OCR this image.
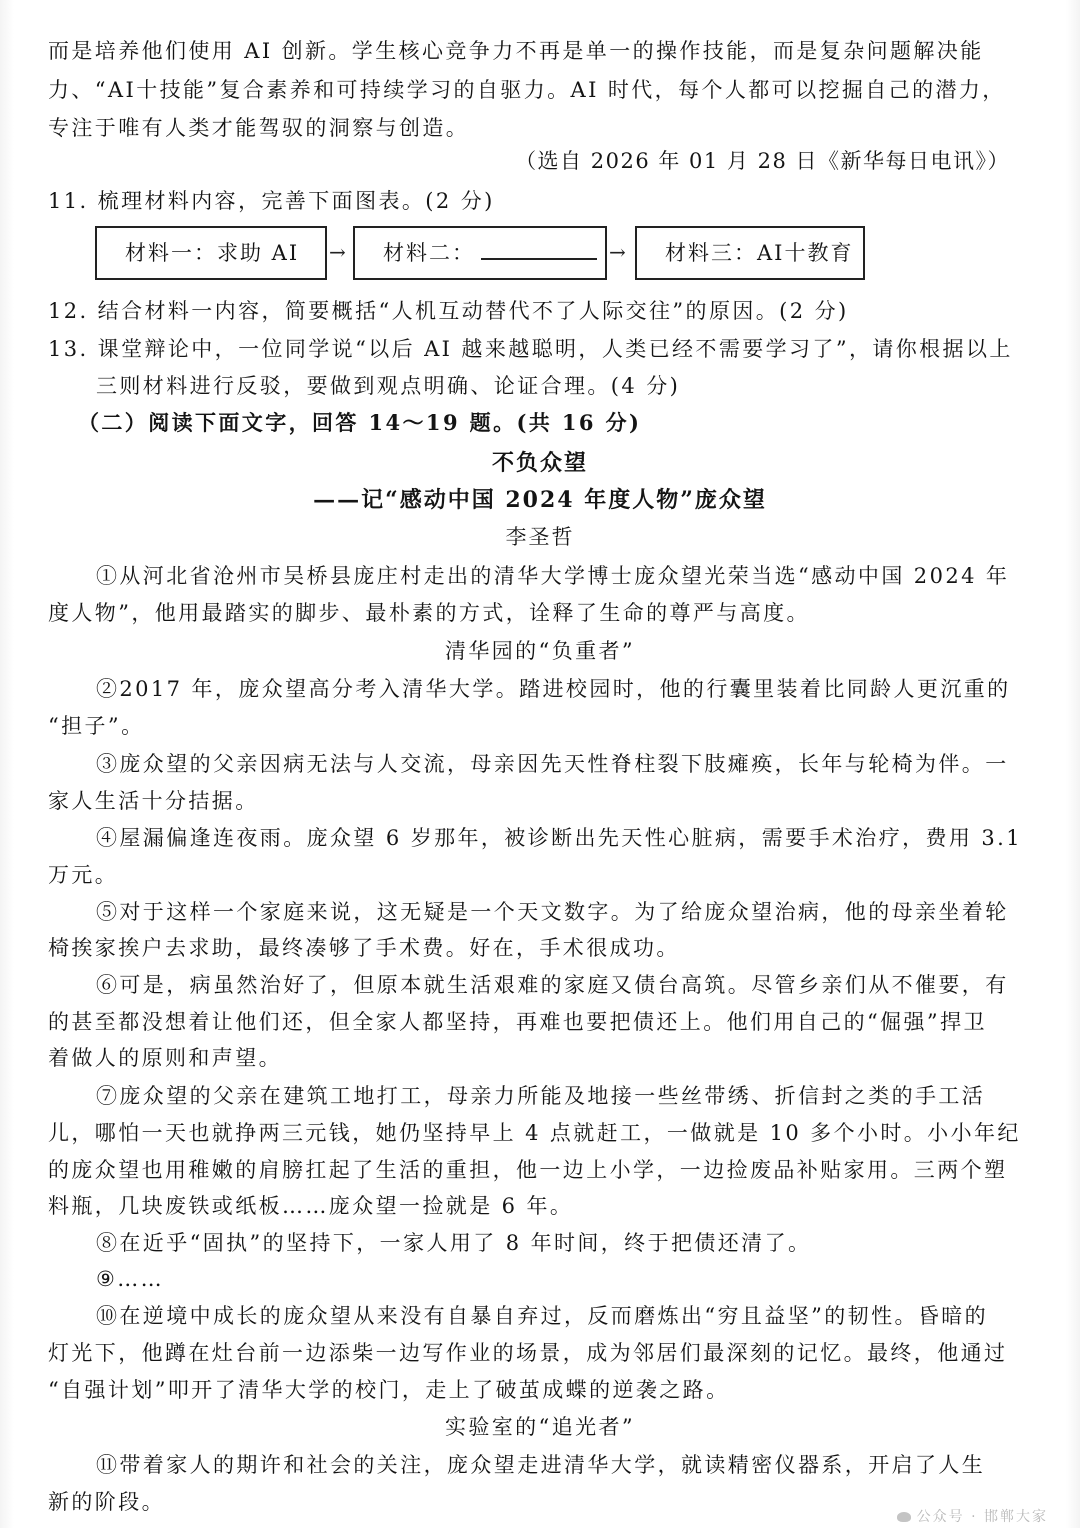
而是培养他们使用 AI 创新。学生核心竞争力不再是单一的操作技能，而是复杂问题解决能
力、“AI十技能”复合素养和可持续学习的自驱力。AI 时代，每个人都可以挖掘自己的潜力，
专注于唯有人类才能驾驭的洞察与创造。
（选自 2026 年 01 月 28 日《新华每日电讯》）
11. 梳理材料内容，完善下面图表。(2 分)
材料一：求助 AI	→	材料二：	→	材料三：AI十教育
12. 结合材料一内容，简要概括“人机互动替代不了人际交往”的原因。(2 分)
13. 课堂辩论中，一位同学说“以后 AI 越来越聪明，人类已经不需要学习了”，请你根据以上
三则材料进行反驳，要做到观点明确、论证合理。(4 分)
（二）阅读下面文字，回答 14～19 题。(共 16 分)
不负众望
——记“感动中国 2024 年度人物”庞众望
李圣哲
①从河北省沧州市吴桥县庞庄村走出的清华大学博士庞众望光荣当选“感动中国 2024 年
度人物”，他用最踏实的脚步、最朴素的方式，诠释了生命的尊严与高度。
清华园的“负重者”
②2017 年，庞众望高分考入清华大学。踏进校园时，他的行囊里装着比同龄人更沉重的
“担子”。
③庞众望的父亲因病无法与人交流，母亲因先天性脊柱裂下肢瘫痪，长年与轮椅为伴。一
家人生活十分拮据。
④屋漏偏逢连夜雨。庞众望 6 岁那年，被诊断出先天性心脏病，需要手术治疗，费用 3.1
万元。
⑤对于这样一个家庭来说，这无疑是一个天文数字。为了给庞众望治病，他的母亲坐着轮
椅挨家挨户去求助，最终凑够了手术费。好在，手术很成功。
⑥可是，病虽然治好了，但原本就生活艰难的家庭又债台高筑。尽管乡亲们从不催要，有
的甚至都没想着让他们还，但全家人都坚持，再难也要把债还上。他们用自己的“倔强”捍卫
着做人的原则和声望。
⑦庞众望的父亲在建筑工地打工，母亲力所能及地接一些丝带绣、折信封之类的手工活
儿，哪怕一天也就挣两三元钱，她仍坚持早上 4 点就赶工，一做就是 10 多个小时。小小年纪
的庞众望也用稚嫩的肩膀扛起了生活的重担，他一边上小学，一边捡废品补贴家用。三两个塑
料瓶，几块废铁或纸板……庞众望一捡就是 6 年。
⑧在近乎“固执”的坚持下，一家人用了 8 年时间，终于把债还清了。
⑨……
⑩在逆境中成长的庞众望从来没有自暴自弃过，反而磨炼出“穷且益坚”的韧性。昏暗的
灯光下，他蹲在灶台前一边添柴一边写作业的场景，成为邻居们最深刻的记忆。最终，他通过
“自强计划”叩开了清华大学的校门，走上了破茧成蝶的逆袭之路。
实验室的“追光者”
⑪带着家人的期许和社会的关注，庞众望走进清华大学，就读精密仪器系，开启了人生
新的阶段。
公众号 · 邯郸大家
